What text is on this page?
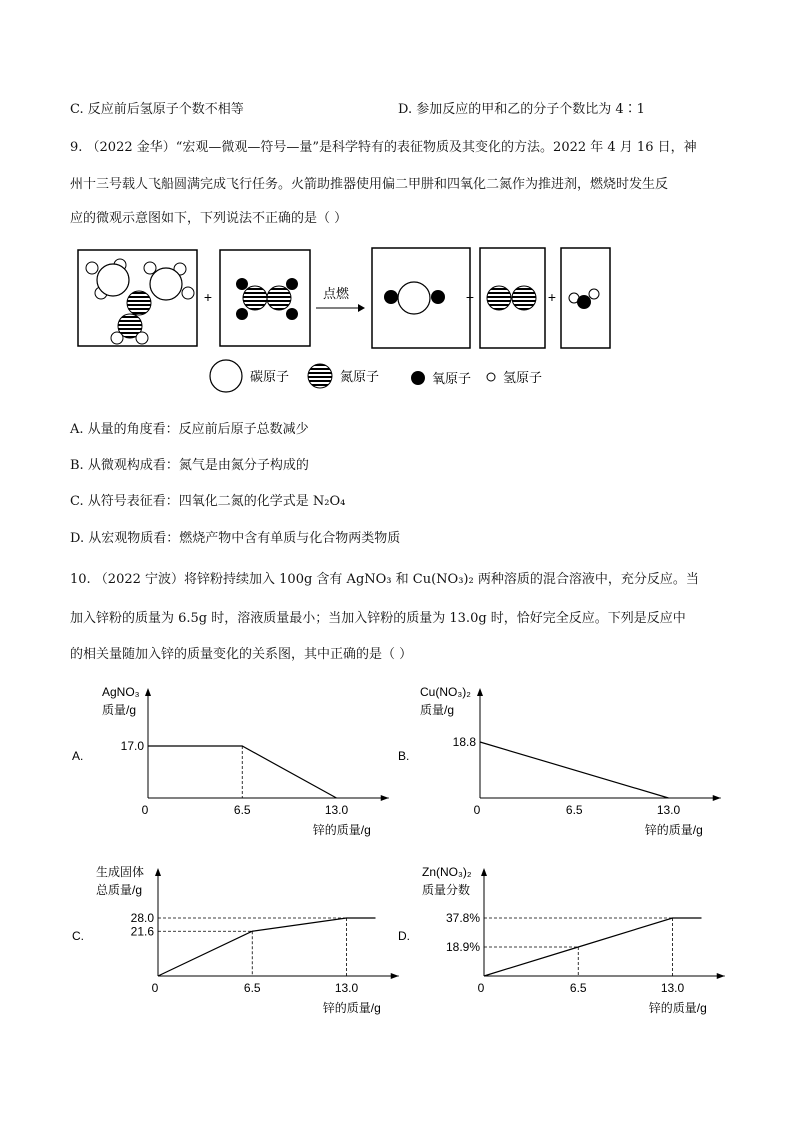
C. 反应前后氢原子个数不相等	D. 参加反应的甲和乙的分子个数比为 4∶1
9. （2022 金华）“宏观—微观—符号—量”是科学特有的表征物质及其变化的方法。2022 年 4 月 16 日，神
州十三号载人飞船圆满完成飞行任务。火箭助推器使用偏二甲肼和四氧化二氮作为推进剂，燃烧时发生反
应的微观示意图如下，下列说法不正确的是（ ）
+	点燃	+	+
碳原子	氮原子	氧原子 氢原子
A. 从量的角度看：反应前后原子总数减少
B. 从微观构成看：氮气是由氮分子构成的
C. 从符号表征看：四氧化二氮的化学式是 N₂O₄
D. 从宏观物质看：燃烧产物中含有单质与化合物两类物质
10. （2022 宁波）将锌粉持续加入 100g 含有 AgNO₃ 和 Cu(NO₃)₂ 两种溶质的混合溶液中，充分反应。当
加入锌粉的质量为 6.5g 时，溶液质量最小；当加入锌粉的质量为 13.0g 时，恰好完全反应。下列是反应中
的相关量随加入锌的质量变化的关系图，其中正确的是（ ）
A.
AgNO₃
质量/g
0	6.5	13.0
17.0
锌的质量/g
B.
Cu(NO₃)₂
质量/g
0	6.5	13.0
18.8
锌的质量/g
C.
生成固体
总质量/g
0	6.5	13.0
28.0
21.6
锌的质量/g
D.
Zn(NO₃)₂
质量分数
0	6.5	13.0
37.8%
18.9%
锌的质量/g
